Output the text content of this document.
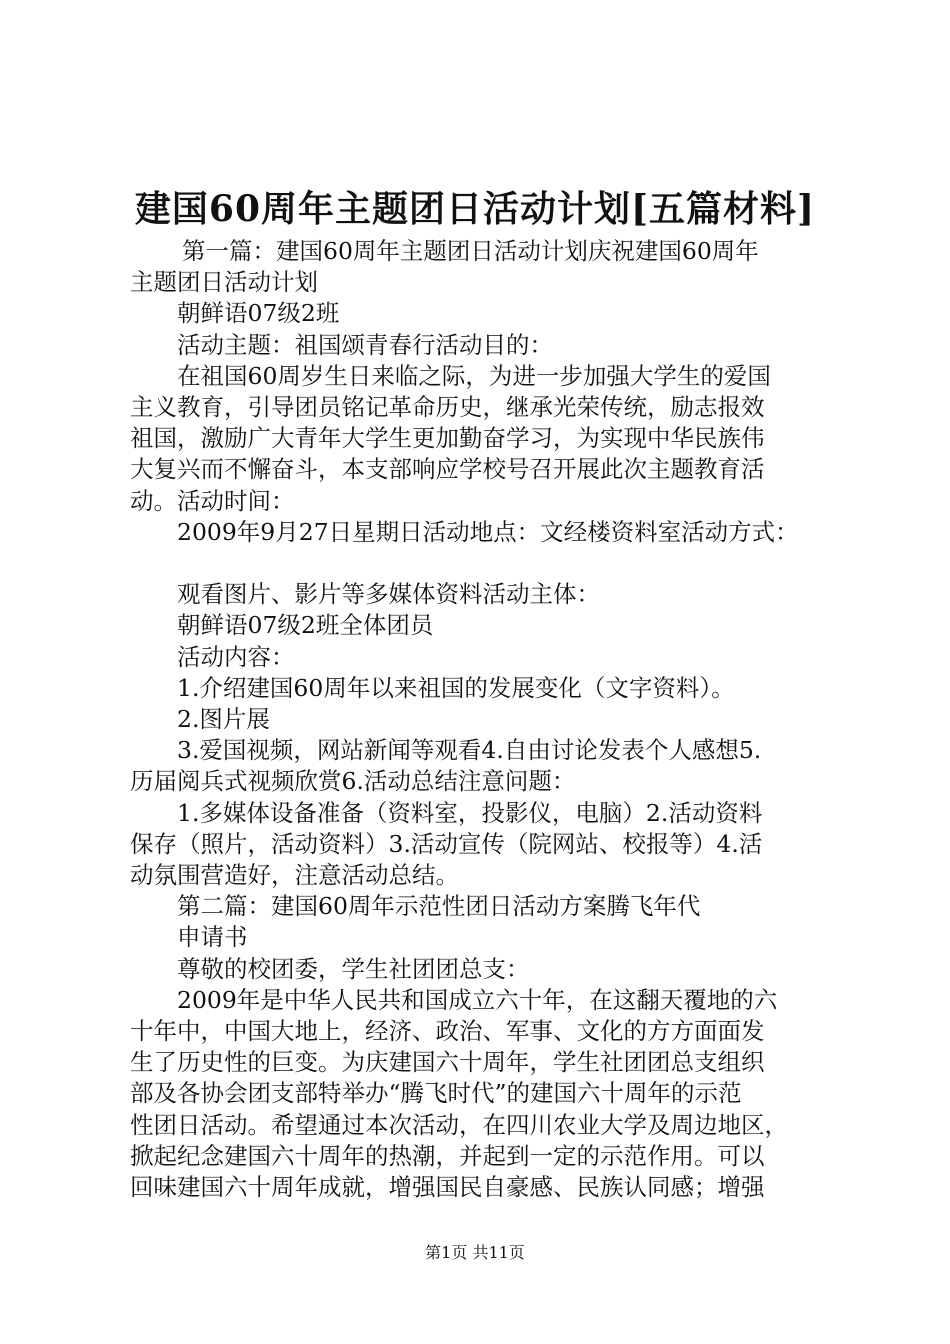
建国60周年主题团日活动计划[五篇材料]
第一篇：建国60周年主题团日活动计划庆祝建国60周年
主题团日活动计划
朝鲜语07级2班
活动主题：祖国颂青春行活动目的：
在祖国60周岁生日来临之际，为进一步加强大学生的爱国
主义教育，引导团员铭记革命历史，继承光荣传统，励志报效
祖国，激励广大青年大学生更加勤奋学习，为实现中华民族伟
大复兴而不懈奋斗，本支部响应学校号召开展此次主题教育活
动。活动时间：
2009年9月27日星期日活动地点：文经楼资料室活动方式：
观看图片、影片等多媒体资料活动主体：
朝鲜语07级2班全体团员
活动内容：
1.介绍建国60周年以来祖国的发展变化（文字资料）。
2.图片展
3.爱国视频，网站新闻等观看4.自由讨论发表个人感想5.
历届阅兵式视频欣赏6.活动总结注意问题：
1.多媒体设备准备（资料室，投影仪，电脑）2.活动资料
保存（照片，活动资料）3.活动宣传（院网站、校报等）4.活
动氛围营造好，注意活动总结。
第二篇：建国60周年示范性团日活动方案腾飞年代
申请书
尊敬的校团委，学生社团团总支：
2009年是中华人民共和国成立六十年，在这翻天覆地的六
十年中，中国大地上，经济、政治、军事、文化的方方面面发
生了历史性的巨变。为庆建国六十周年，学生社团团总支组织
部及各协会团支部特举办“腾飞时代”的建国六十周年的示范
性团日活动。希望通过本次活动，在四川农业大学及周边地区，
掀起纪念建国六十周年的热潮，并起到一定的示范作用。可以
回味建国六十周年成就，增强国民自豪感、民族认同感；增强
第1页 共11页
